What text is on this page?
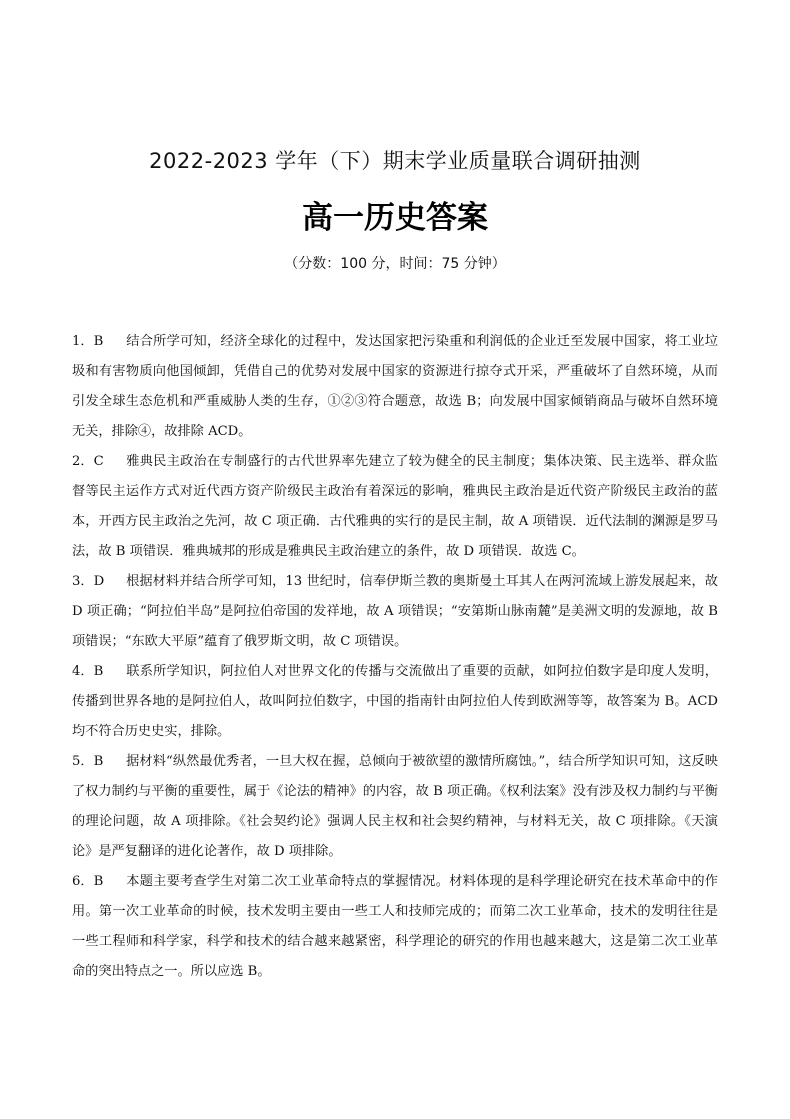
2022-2023 学年（下）期末学业质量联合调研抽测
高一历史答案
（分数：100 分，时间：75 分钟）

1．B 结合所学可知，经济全球化的过程中，发达国家把污染重和利润低的企业迁至发展中国家，将工业垃圾和有害物质向他国倾卸，凭借自己的优势对发展中国家的资源进行掠夺式开采，严重破坏了自然环境，从而引发全球生态危机和严重威胁人类的生存，①②③符合题意，故选 B；向发展中国家倾销商品与破坏自然环境无关，排除④，故排除 ACD。

2．C 雅典民主政治在专制盛行的古代世界率先建立了较为健全的民主制度；集体决策、民主选举、群众监督等民主运作方式对近代西方资产阶级民主政治有着深远的影响，雅典民主政治是近代资产阶级民主政治的蓝本，开西方民主政治之先河，故 C 项正确．古代雅典的实行的是民主制，故 A 项错误．近代法制的渊源是罗马法，故 B 项错误．雅典城邦的形成是雅典民主政治建立的条件，故 D 项错误．故选 C。

3．D 根据材料并结合所学可知，13 世纪时，信奉伊斯兰教的奥斯曼土耳其人在两河流域上游发展起来，故 D 项正确；“阿拉伯半岛”是阿拉伯帝国的发祥地，故 A 项错误；“安第斯山脉南麓”是美洲文明的发源地，故 B 项错误；“东欧大平原”蕴育了俄罗斯文明，故 C 项错误。

4．B 联系所学知识，阿拉伯人对世界文化的传播与交流做出了重要的贡献，如阿拉伯数字是印度人发明，传播到世界各地的是阿拉伯人，故叫阿拉伯数字，中国的指南针由阿拉伯人传到欧洲等等，故答案为 B。ACD 均不符合历史史实，排除。

5．B 据材料“纵然最优秀者，一旦大权在握，总倾向于被欲望的激情所腐蚀。”，结合所学知识可知，这反映了权力制约与平衡的重要性，属于《论法的精神》的内容，故 B 项正确。《权利法案》没有涉及权力制约与平衡的理论问题，故 A 项排除。《社会契约论》强调人民主权和社会契约精神，与材料无关，故 C 项排除。《天演论》是严复翻译的进化论著作，故 D 项排除。

6．B 本题主要考查学生对第二次工业革命特点的掌握情况。材料体现的是科学理论研究在技术革命中的作用。第一次工业革命的时候，技术发明主要由一些工人和技师完成的；而第二次工业革命，技术的发明往往是一些工程师和科学家，科学和技术的结合越来越紧密，科学理论的研究的作用也越来越大，这是第二次工业革命的突出特点之一。所以应选 B。
